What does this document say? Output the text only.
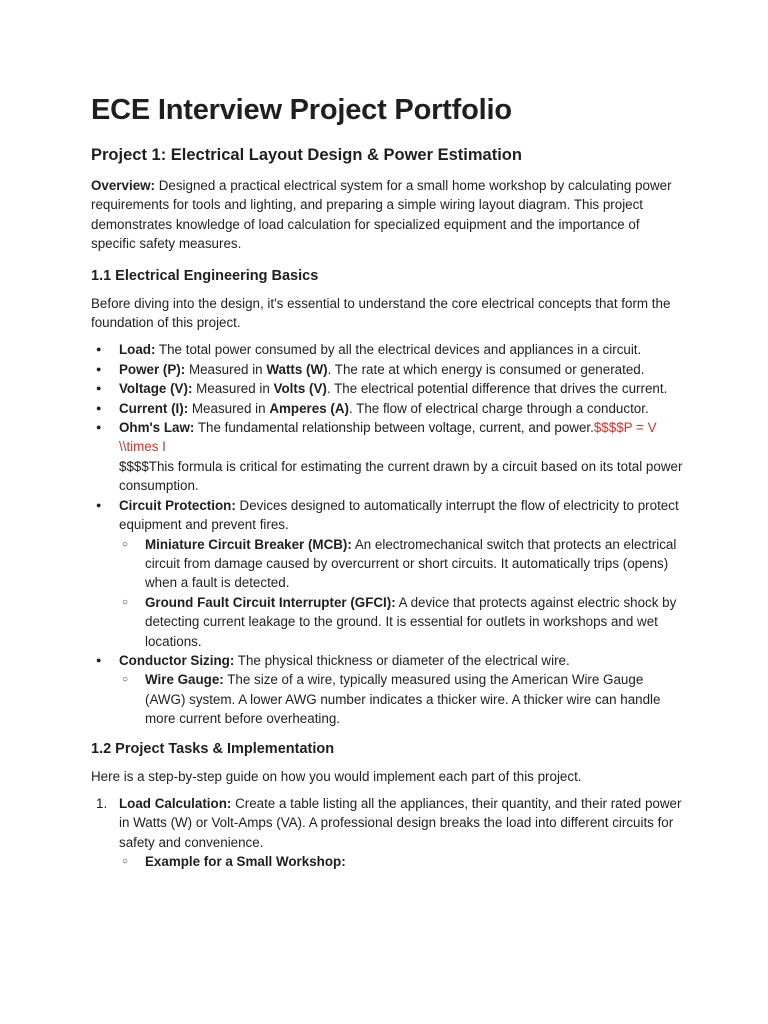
ECE Interview Project Portfolio
Project 1: Electrical Layout Design & Power Estimation

Overview: Designed a practical electrical system for a small home workshop by calculating power requirements for tools and lighting, and preparing a simple wiring layout diagram. This project demonstrates knowledge of load calculation for specialized equipment and the importance of specific safety measures.

1.1 Electrical Engineering Basics

Before diving into the design, it's essential to understand the core electrical concepts that form the foundation of this project.

● Load: The total power consumed by all the electrical devices and appliances in a circuit.
● Power (P): Measured in Watts (W). The rate at which energy is consumed or generated.
● Voltage (V): Measured in Volts (V). The electrical potential difference that drives the current.
● Current (I): Measured in Amperes (A). The flow of electrical charge through a conductor.
● Ohm's Law: The fundamental relationship between voltage, current, and power.$$$$P = V \\times I
$$$$This formula is critical for estimating the current drawn by a circuit based on its total power consumption.
● Circuit Protection: Devices designed to automatically interrupt the flow of electricity to protect equipment and prevent fires.
○ Miniature Circuit Breaker (MCB): An electromechanical switch that protects an electrical circuit from damage caused by overcurrent or short circuits. It automatically trips (opens) when a fault is detected.
○ Ground Fault Circuit Interrupter (GFCI): A device that protects against electric shock by detecting current leakage to the ground. It is essential for outlets in workshops and wet locations.
● Conductor Sizing: The physical thickness or diameter of the electrical wire.
○ Wire Gauge: The size of a wire, typically measured using the American Wire Gauge (AWG) system. A lower AWG number indicates a thicker wire. A thicker wire can handle more current before overheating.
1.2 Project Tasks & Implementation

Here is a step-by-step guide on how you would implement each part of this project.

1. Load Calculation: Create a table listing all the appliances, their quantity, and their rated power in Watts (W) or Volt-Amps (VA). A professional design breaks the load into different circuits for safety and convenience.
○ Example for a Small Workshop:
